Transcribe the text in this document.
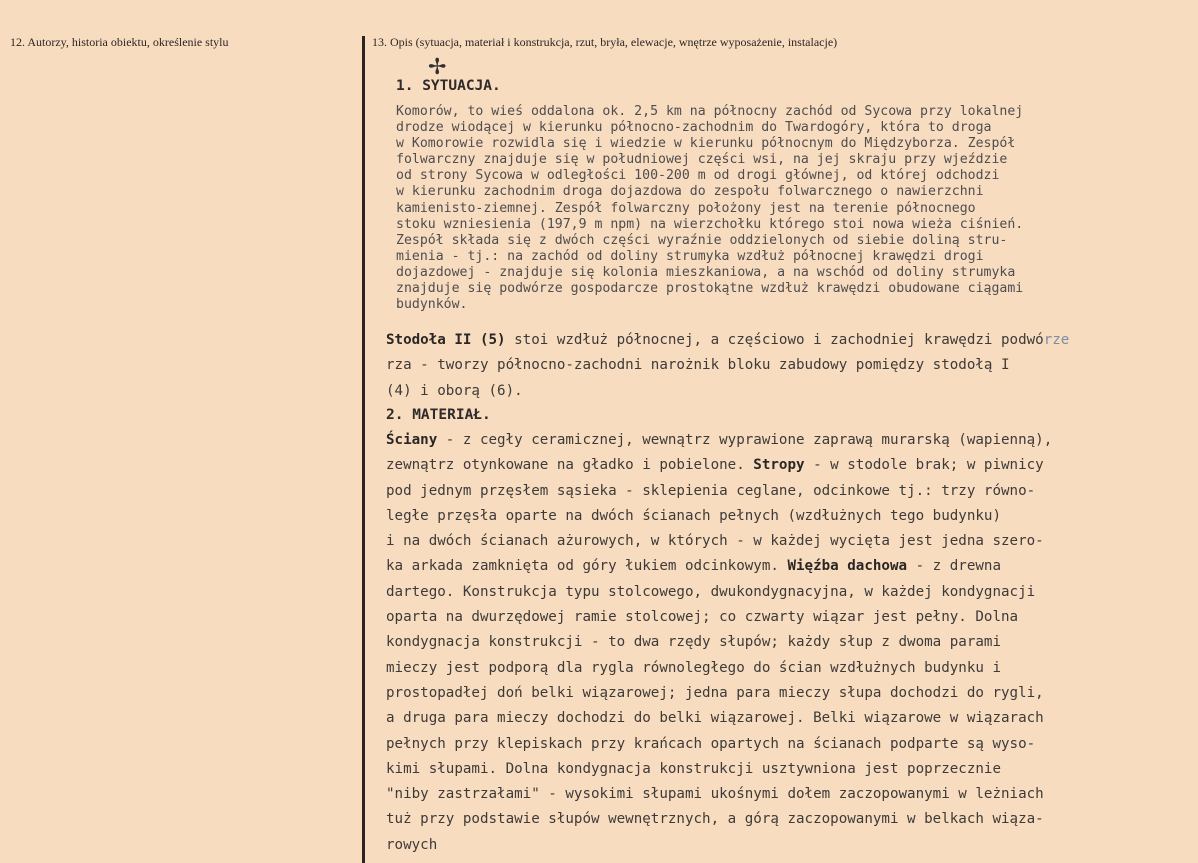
12. Autorzy, historia obiektu, określenie stylu	13. Opis (sytuacja, materiał i konstrukcja, rzut, bryła, elewacje, wnętrze wyposażenie, instalacje)
✢
1. SYTUACJA.
Komorów, to wieś oddalona ok. 2,5 km na północny zachód od Sycowa przy lokalnej
drodze wiodącej w kierunku północno-zachodnim do Twardogóry, która to droga
w Komorowie rozwidla się i wiedzie w kierunku północnym do Międzyborza. Zespół
folwarczny znajduje się w południowej części wsi, na jej skraju przy wjeździe
od strony Sycowa w odległości 100-200 m od drogi głównej, od której odchodzi
w kierunku zachodnim droga dojazdowa do zespołu folwarcznego o nawierzchni
kamienisto-ziemnej. Zespół folwarczny położony jest na terenie północnego
stoku wzniesienia (197,9 m npm) na wierzchołku którego stoi nowa wieża ciśnień.
Zespół składa się z dwóch części wyraźnie oddzielonych od siebie doliną stru-
mienia - tj.: na zachód od doliny strumyka wzdłuż północnej krawędzi drogi
dojazdowej - znajduje się kolonia mieszkaniowa, a na wschód od doliny strumyka
znajduje się podwórze gospodarcze prostokątne wzdłuż krawędzi obudowane ciągami
budynków.
Stodoła II (5) stoi wzdłuż północnej, a częściowo i zachodniej krawędzi podwórze
rza - tworzy północno-zachodni narożnik bloku zabudowy pomiędzy stodołą I
(4) i oborą (6).
2. MATERIAŁ.
Ściany - z cegły ceramicznej, wewnątrz wyprawione zaprawą murarską (wapienną),
zewnątrz otynkowane na gładko i pobielone. Stropy - w stodole brak; w piwnicy
pod jednym przęsłem sąsieka - sklepienia ceglane, odcinkowe tj.: trzy równo-
ległe przęsła oparte na dwóch ścianach pełnych (wzdłużnych tego budynku)
i na dwóch ścianach ażurowych, w których - w każdej wycięta jest jedna szero-
ka arkada zamknięta od góry łukiem odcinkowym. Więźba dachowa - z drewna
dartego. Konstrukcja typu stolcowego, dwukondygnacyjna, w każdej kondygnacji
oparta na dwurzędowej ramie stolcowej; co czwarty wiązar jest pełny. Dolna
kondygnacja konstrukcji - to dwa rzędy słupów; każdy słup z dwoma parami
mieczy jest podporą dla rygla równoległego do ścian wzdłużnych budynku i
prostopadłej doń belki wiązarowej; jedna para mieczy słupa dochodzi do rygli,
a druga para mieczy dochodzi do belki wiązarowej. Belki wiązarowe w wiązarach
pełnych przy klepiskach przy krańcach opartych na ścianach podparte są wyso-
kimi słupami. Dolna kondygnacja konstrukcji usztywniona jest poprzecznie
"niby zastrzałami" - wysokimi słupami ukośnymi dołem zaczopowanymi w leżniach
tuż przy podstawie słupów wewnętrznych, a górą zaczopowanymi w belkach wiąza-
rowych
